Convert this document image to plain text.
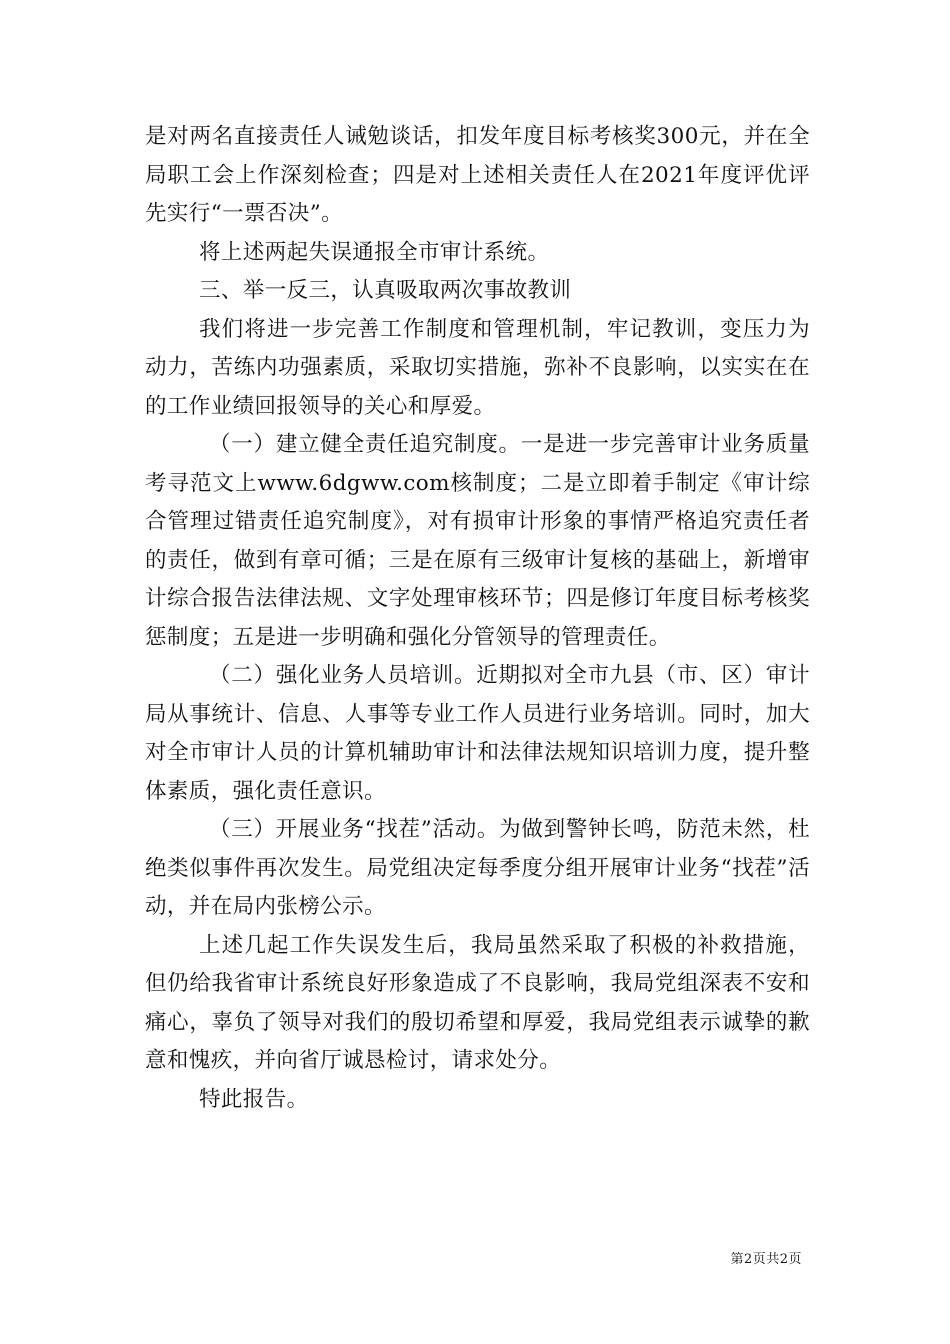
是对两名直接责任人诫勉谈话，扣发年度目标考核奖300元，并在全局职工会上作深刻检查；四是对上述相关责任人在2021年度评优评先实行“一票否决”。

将上述两起失误通报全市审计系统。

三、举一反三，认真吸取两次事故教训

我们将进一步完善工作制度和管理机制，牢记教训，变压力为动力，苦练内功强素质，采取切实措施，弥补不良影响，以实实在在的工作业绩回报领导的关心和厚爱。

（一）建立健全责任追究制度。一是进一步完善审计业务质量考寻范文上www.6dgww.com核制度；二是立即着手制定《审计综合管理过错责任追究制度》，对有损审计形象的事情严格追究责任者的责任，做到有章可循；三是在原有三级审计复核的基础上，新增审计综合报告法律法规、文字处理审核环节；四是修订年度目标考核奖惩制度；五是进一步明确和强化分管领导的管理责任。

（二）强化业务人员培训。近期拟对全市九县（市、区）审计局从事统计、信息、人事等专业工作人员进行业务培训。同时，加大对全市审计人员的计算机辅助审计和法律法规知识培训力度，提升整体素质，强化责任意识。

（三）开展业务“找茬”活动。为做到警钟长鸣，防范未然，杜绝类似事件再次发生。局党组决定每季度分组开展审计业务“找茬”活动，并在局内张榜公示。

上述几起工作失误发生后，我局虽然采取了积极的补救措施，但仍给我省审计系统良好形象造成了不良影响，我局党组深表不安和痛心，辜负了领导对我们的殷切希望和厚爱，我局党组表示诚挚的歉意和愧疚，并向省厅诚恳检讨，请求处分。

特此报告。

第2页共2页
